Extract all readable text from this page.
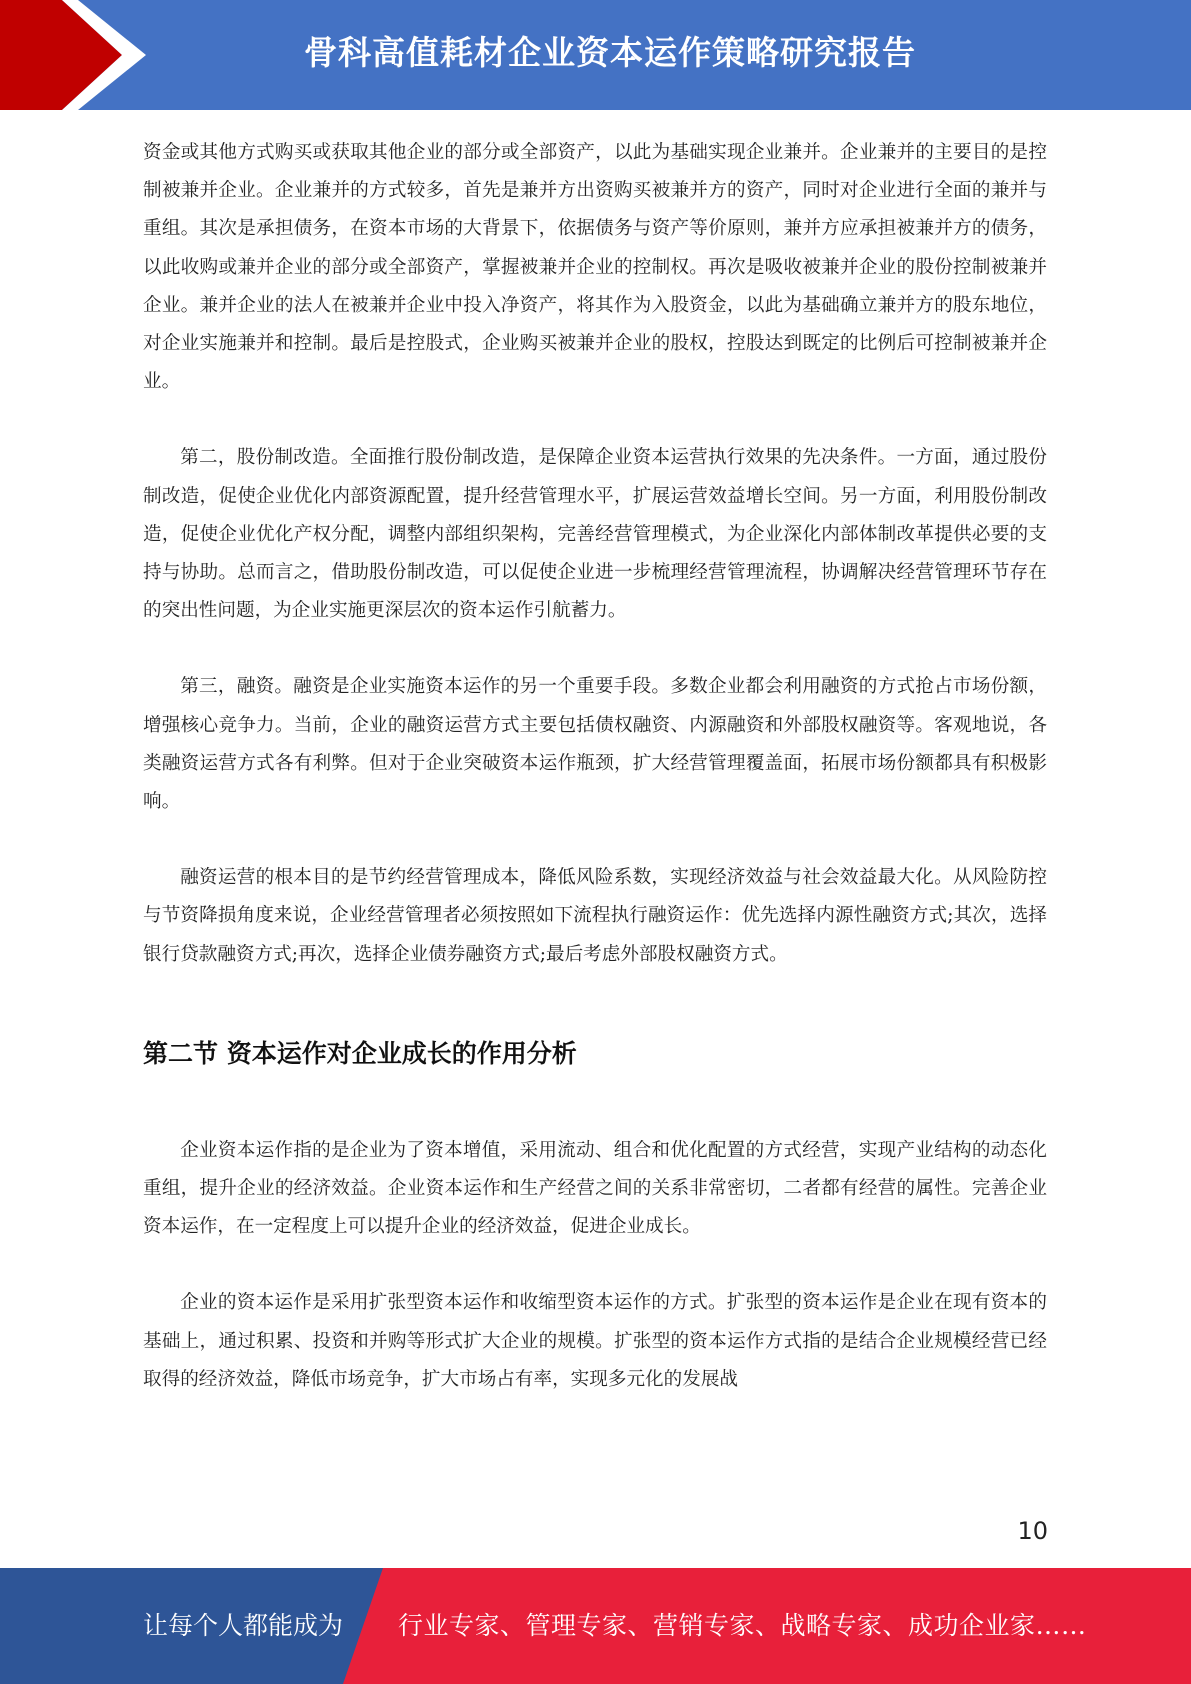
骨科高值耗材企业资本运作策略研究报告

资金或其他方式购买或获取其他企业的部分或全部资产，以此为基础实现企业兼并。企业兼并的主要目的是控制被兼并企业。企业兼并的方式较多，首先是兼并方出资购买被兼并方的资产，同时对企业进行全面的兼并与重组。其次是承担债务，在资本市场的大背景下，依据债务与资产等价原则，兼并方应承担被兼并方的债务，以此收购或兼并企业的部分或全部资产，掌握被兼并企业的控制权。再次是吸收被兼并企业的股份控制被兼并企业。兼并企业的法人在被兼并企业中投入净资产，将其作为入股资金，以此为基础确立兼并方的股东地位，对企业实施兼并和控制。最后是控股式，企业购买被兼并企业的股权，控股达到既定的比例后可控制被兼并企业。

第二，股份制改造。全面推行股份制改造，是保障企业资本运营执行效果的先决条件。一方面，通过股份制改造，促使企业优化内部资源配置，提升经营管理水平，扩展运营效益增长空间。另一方面，利用股份制改造，促使企业优化产权分配，调整内部组织架构，完善经营管理模式，为企业深化内部体制改革提供必要的支持与协助。总而言之，借助股份制改造，可以促使企业进一步梳理经营管理流程，协调解决经营管理环节存在的突出性问题，为企业实施更深层次的资本运作引航蓄力。

第三，融资。融资是企业实施资本运作的另一个重要手段。多数企业都会利用融资的方式抢占市场份额，增强核心竞争力。当前，企业的融资运营方式主要包括债权融资、内源融资和外部股权融资等。客观地说，各类融资运营方式各有利弊。但对于企业突破资本运作瓶颈，扩大经营管理覆盖面，拓展市场份额都具有积极影响。

融资运营的根本目的是节约经营管理成本，降低风险系数，实现经济效益与社会效益最大化。从风险防控与节资降损角度来说，企业经营管理者必须按照如下流程执行融资运作：优先选择内源性融资方式;其次，选择银行贷款融资方式;再次，选择企业债券融资方式;最后考虑外部股权融资方式。

第二节 资本运作对企业成长的作用分析

企业资本运作指的是企业为了资本增值，采用流动、组合和优化配置的方式经营，实现产业结构的动态化重组，提升企业的经济效益。企业资本运作和生产经营之间的关系非常密切，二者都有经营的属性。完善企业资本运作，在一定程度上可以提升企业的经济效益，促进企业成长。

企业的资本运作是采用扩张型资本运作和收缩型资本运作的方式。扩张型的资本运作是企业在现有资本的基础上，通过积累、投资和并购等形式扩大企业的规模。扩张型的资本运作方式指的是结合企业规模经营已经取得的经济效益，降低市场竞争，扩大市场占有率，实现多元化的发展战

10
让每个人都能成为 行业专家、管理专家、营销专家、战略专家、成功企业家……
